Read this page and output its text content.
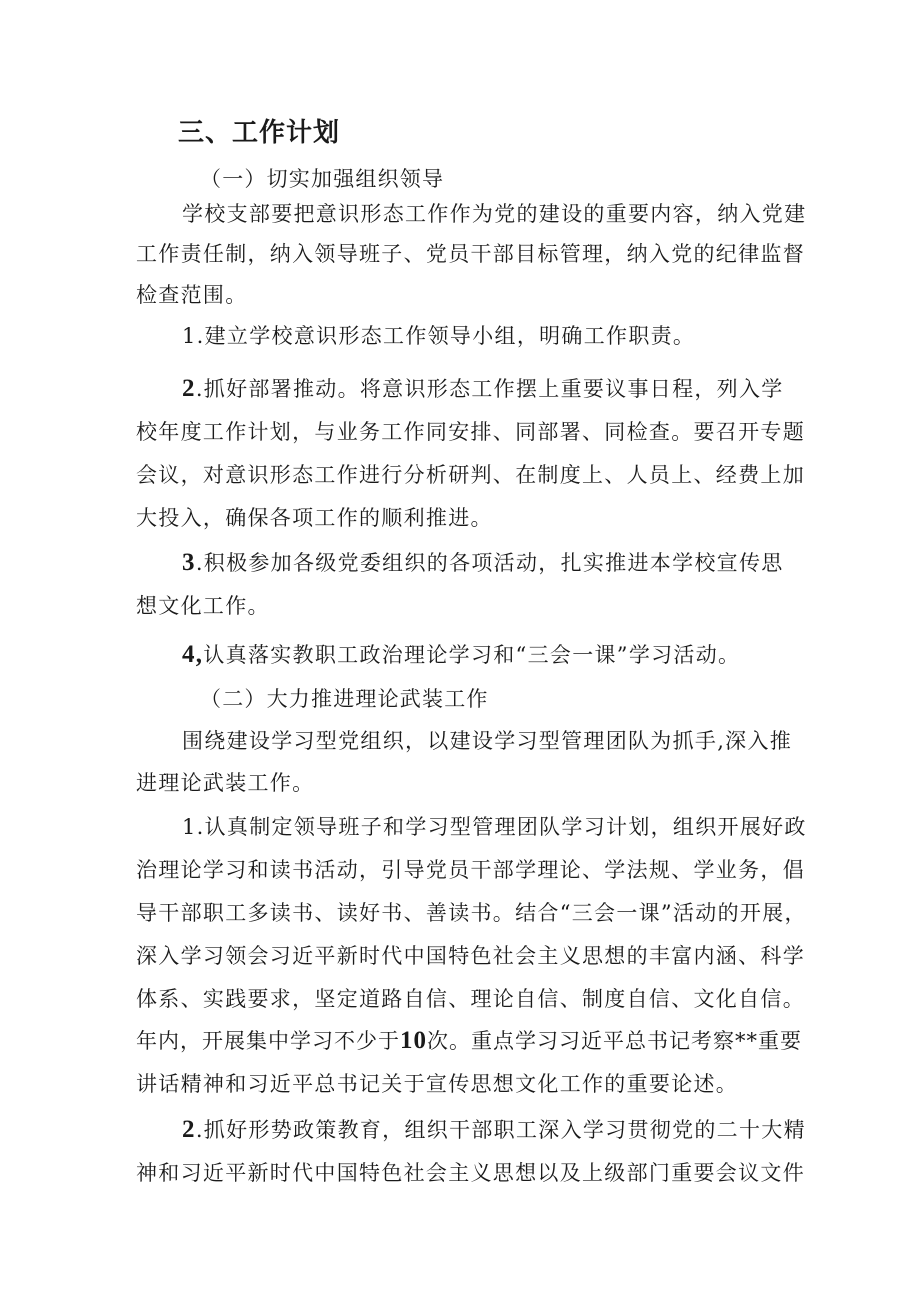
三、工作计划
（一）切实加强组织领导
学校支部要把意识形态工作作为党的建设的重要内容，纳入党建
工作责任制，纳入领导班子、党员干部目标管理，纳入党的纪律监督
检查范围。
1.建立学校意识形态工作领导小组，明确工作职责。
2.抓好部署推动。将意识形态工作摆上重要议事日程，列入学
校年度工作计划，与业务工作同安排、同部署、同检查。要召开专题
会议，对意识形态工作进行分析研判、在制度上、人员上、经费上加
大投入，确保各项工作的顺利推进。
3.积极参加各级党委组织的各项活动，扎实推进本学校宣传思
想文化工作。
4,认真落实教职工政治理论学习和“三会一课”学习活动。
（二）大力推进理论武装工作
围绕建设学习型党组织，以建设学习型管理团队为抓手,深入推
进理论武装工作。
1.认真制定领导班子和学习型管理团队学习计划，组织开展好政
治理论学习和读书活动，引导党员干部学理论、学法规、学业务，倡
导干部职工多读书、读好书、善读书。结合“三会一课”活动的开展，
深入学习领会习近平新时代中国特色社会主义思想的丰富内涵、科学
体系、实践要求，坚定道路自信、理论自信、制度自信、文化自信。
年内，开展集中学习不少于10次。重点学习习近平总书记考察**重要
讲话精神和习近平总书记关于宣传思想文化工作的重要论述。
2.抓好形势政策教育，组织干部职工深入学习贯彻党的二十大精
神和习近平新时代中国特色社会主义思想以及上级部门重要会议文件
